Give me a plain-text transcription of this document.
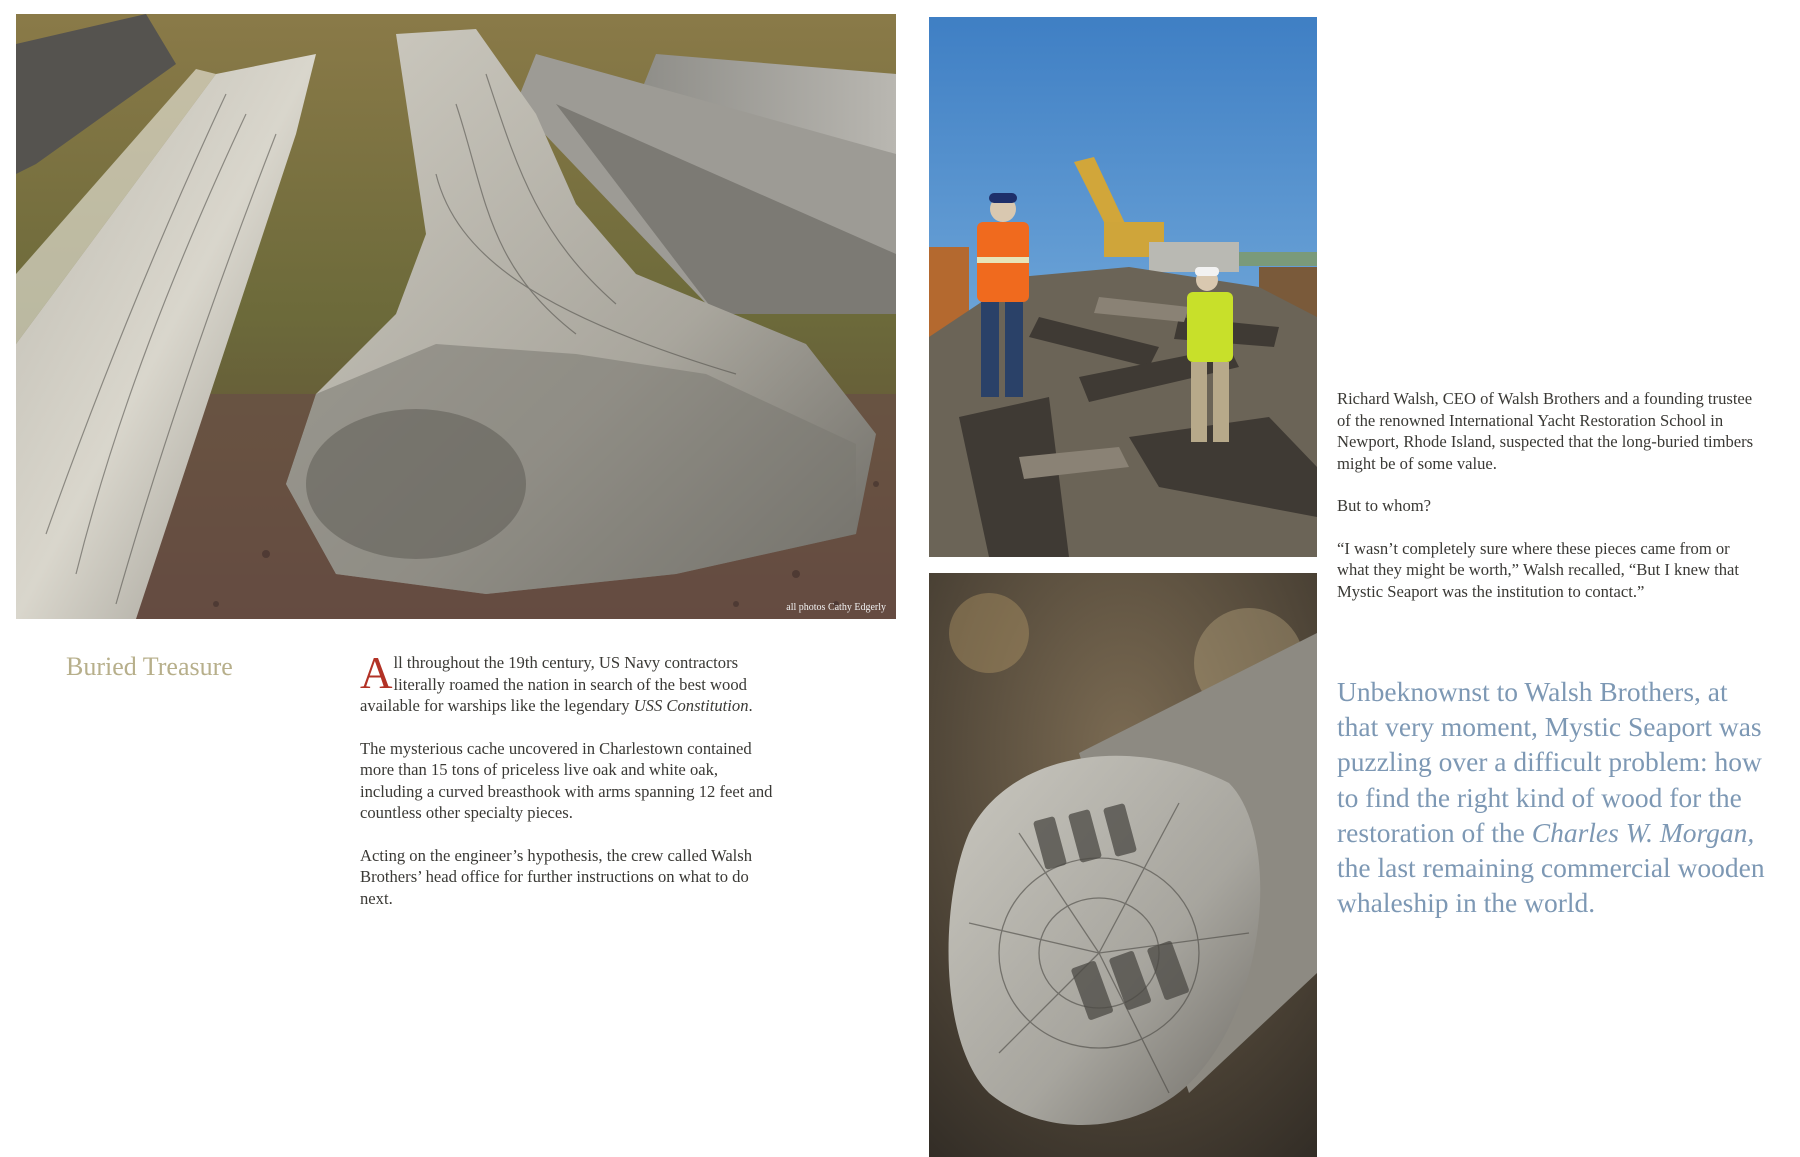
all photos Cathy Edgerly
Buried Treasure	All throughout the 19th century, US Navy contractors literally roamed the nation in search of the best wood available for warships like the legendary USS Constitution.

The mysterious cache uncovered in Charlestown contained more than 15 tons of priceless live oak and white oak, including a curved breasthook with arms spanning 12 feet and countless other specialty pieces.

Acting on the engineer’s hypothesis, the crew called Walsh Brothers’ head office for further instructions on what to do next.

Richard Walsh, CEO of Walsh Brothers and a founding trustee of the renowned International Yacht Restoration School in Newport, Rhode Island, suspected that the long-buried timbers might be of some value.

But to whom?

“I wasn’t completely sure where these pieces came from or what they might be worth,” Walsh recalled, “But I knew that Mystic Seaport was the institution to contact.”

Unbeknownst to Walsh Brothers, at that very moment, Mystic Seaport was puzzling over a difficult problem: how to find the right kind of wood for the restoration of the Charles W. Morgan, the last remaining commercial wooden whaleship in the world.
